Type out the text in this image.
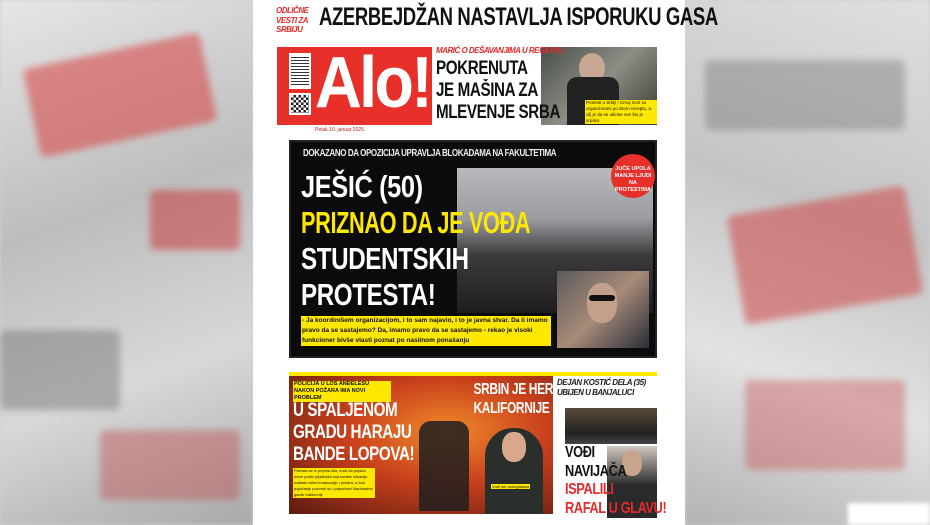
ODLIČNE VESTI ZA SRBIJU AZERBEJDŽAN NASTAVLJA ISPORUKU GASA
Alo!
Petak 10. januar 2025.
MARIĆ O DEŠAVANJIMA U REGIONU
POKRENUTA
JE MAŠINA ZA
MLEVENJE SRBA	Protesti u Srbiji i Crnoj Gori su organizovani po istom receptu, a cilj je da se uklone sve što je srpsko
DOKAZANO DA OPOZICIJA UPRAVLJA BLOKADAMA NA FAKULTETIMA
JUČE UPOLA MANJE LJUDI NA PROTESTIMA
JEŠIĆ (50)
PRIZNAO DA JE VOĐA
STUDENTSKIH
PROTESTA!
- Ja koordinišem organizacijom, i to sam najavio, i to je javna stvar. Da li imamo pravo da se sastajemo? Da, imamo pravo da se sastajemo - rekao je visoki funkcioner bivše vlasti poznat po nasilnom ponašanju
POLICIJA U LOS ANĐELESU NAKON POŽARA IMA NOVI PROBLEM
U SPALJENOM
GRADU HARAJU
BANDE LOPOVA!
Požrala se iz pepela žila, trudi da pojača mere protiv pljačkaša koji koriste situaciju nastalu usled evakuacije i požara, a kao pojačanje pozvani su i pripadnici Nacionalne garde Kalifornije
SRBIN JE HEROJ
KALIFORNIJE
Vodi tim vatrogasaca
DEJAN KOSTIĆ DELA (35) UBIJEN U BANJALUCI
VOĐI
NAVIJAČA
ISPALILI
RAFAL U GLAVU!
